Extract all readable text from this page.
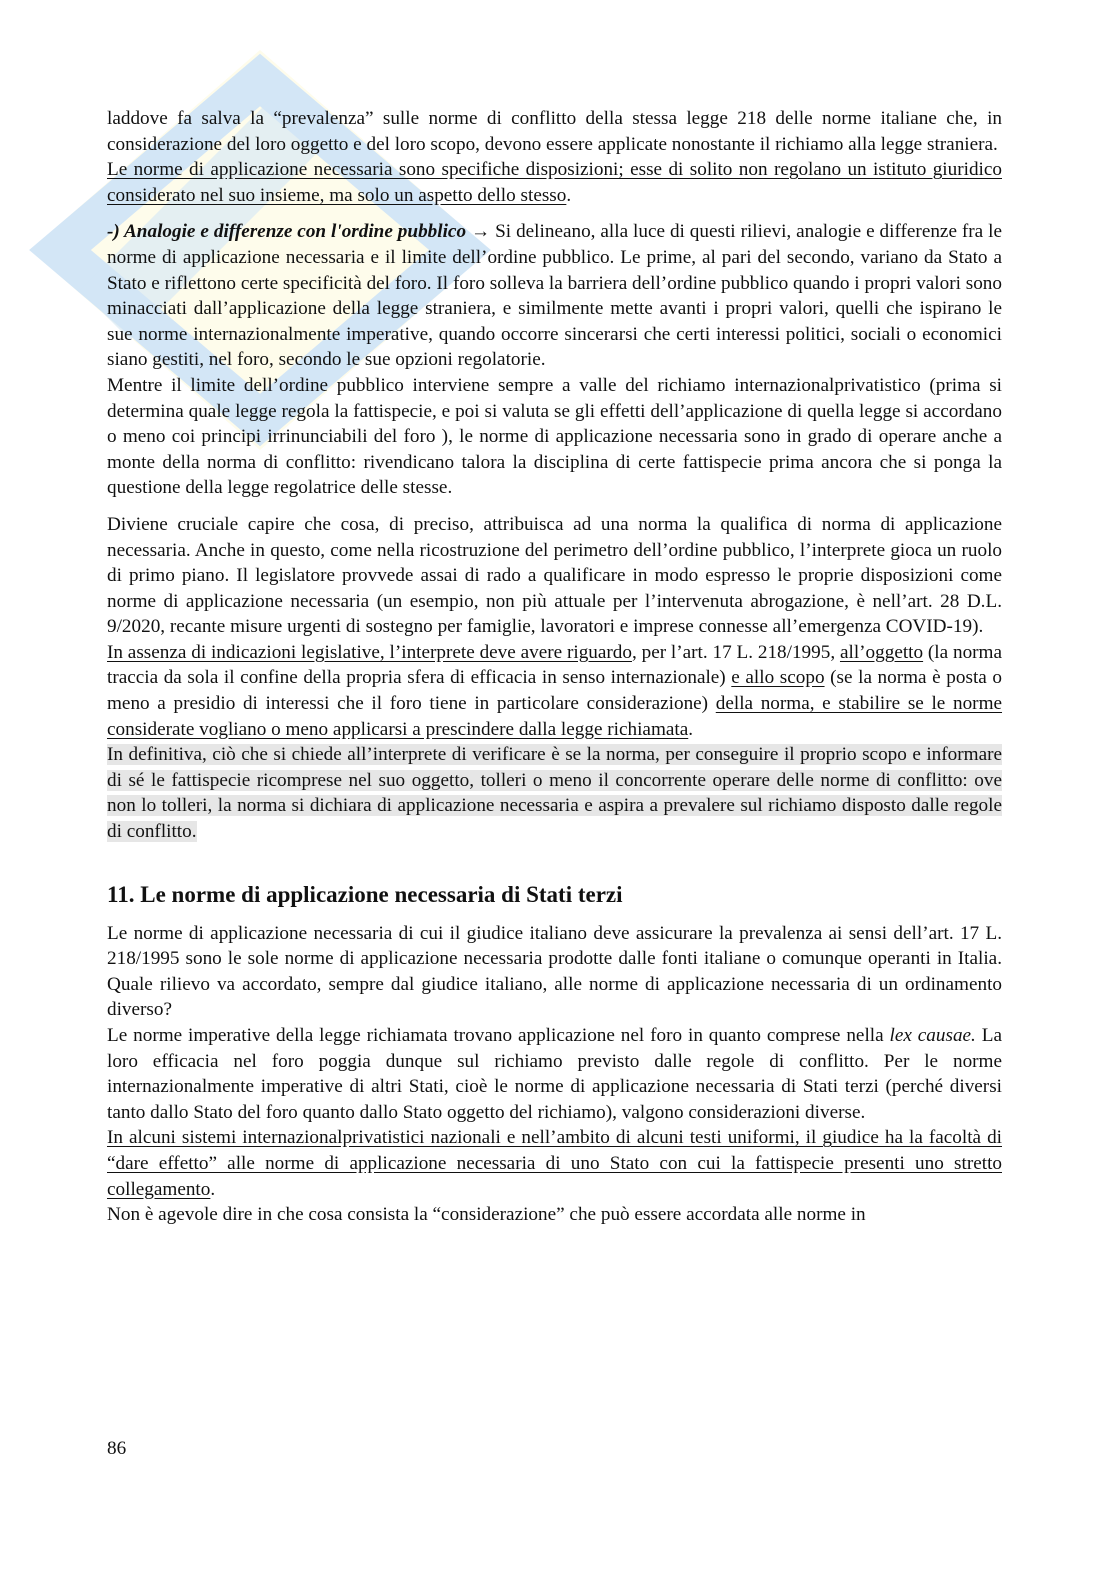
laddove fa salva la “prevalenza” sulle norme di conflitto della stessa legge 218 delle norme italiane che, in considerazione del loro oggetto e del loro scopo, devono essere applicate nonostante il richiamo alla legge straniera.

Le norme di applicazione necessaria sono specifiche disposizioni; esse di solito non regolano un istituto giuridico considerato nel suo insieme, ma solo un aspetto dello stesso.

-) Analogie e differenze con l'ordine pubblico → Si delineano, alla luce di questi rilievi, analogie e differenze fra le norme di applicazione necessaria e il limite dell’ordine pubblico. Le prime, al pari del secondo, variano da Stato a Stato e riflettono certe specificità del foro. Il foro solleva la barriera dell’ordine pubblico quando i propri valori sono minacciati dall’applicazione della legge straniera, e similmente mette avanti i propri valori, quelli che ispirano le sue norme internazionalmente imperative, quando occorre sincerarsi che certi interessi politici, sociali o economici siano gestiti, nel foro, secondo le sue opzioni regolatorie.

Mentre il limite dell’ordine pubblico interviene sempre a valle del richiamo internazionalprivatistico (prima si determina quale legge regola la fattispecie, e poi si valuta se gli effetti dell’applicazione di quella legge si accordano o meno coi principi irrinunciabili del foro ), le norme di applicazione necessaria sono in grado di operare anche a monte della norma di conflitto: rivendicano talora la disciplina di certe fattispecie prima ancora che si ponga la questione della legge regolatrice delle stesse.

Diviene cruciale capire che cosa, di preciso, attribuisca ad una norma la qualifica di norma di applicazione necessaria. Anche in questo, come nella ricostruzione del perimetro dell’ordine pubblico, l’interprete gioca un ruolo di primo piano. Il legislatore provvede assai di rado a qualificare in modo espresso le proprie disposizioni come norme di applicazione necessaria (un esempio, non più attuale per l’intervenuta abrogazione, è nell’art. 28 D.L. 9/2020, recante misure urgenti di sostegno per famiglie, lavoratori e imprese connesse all’emergenza COVID-19).

In assenza di indicazioni legislative, l’interprete deve avere riguardo, per l’art. 17 L. 218/1995, all’oggetto (la norma traccia da sola il confine della propria sfera di efficacia in senso internazionale) e allo scopo (se la norma è posta o meno a presidio di interessi che il foro tiene in particolare considerazione) della norma, e stabilire se le norme considerate vogliano o meno applicarsi a prescindere dalla legge richiamata.

In definitiva, ciò che si chiede all’interprete di verificare è se la norma, per conseguire il proprio scopo e informare di sé le fattispecie ricomprese nel suo oggetto, tolleri o meno il concorrente operare delle norme di conflitto: ove non lo tolleri, la norma si dichiara di applicazione necessaria e aspira a prevalere sul richiamo disposto dalle regole di conflitto.

11. Le norme di applicazione necessaria di Stati terzi

Le norme di applicazione necessaria di cui il giudice italiano deve assicurare la prevalenza ai sensi dell’art. 17 L. 218/1995 sono le sole norme di applicazione necessaria prodotte dalle fonti italiane o comunque operanti in Italia. Quale rilievo va accordato, sempre dal giudice italiano, alle norme di applicazione necessaria di un ordinamento diverso?

Le norme imperative della legge richiamata trovano applicazione nel foro in quanto comprese nella lex causae. La loro efficacia nel foro poggia dunque sul richiamo previsto dalle regole di conflitto. Per le norme internazionalmente imperative di altri Stati, cioè le norme di applicazione necessaria di Stati terzi (perché diversi tanto dallo Stato del foro quanto dallo Stato oggetto del richiamo), valgono considerazioni diverse.

In alcuni sistemi internazionalprivatistici nazionali e nell’ambito di alcuni testi uniformi, il giudice ha la facoltà di “dare effetto” alle norme di applicazione necessaria di uno Stato con cui la fattispecie presenti uno stretto collegamento.

Non è agevole dire in che cosa consista la “considerazione” che può essere accordata alle norme in

86
